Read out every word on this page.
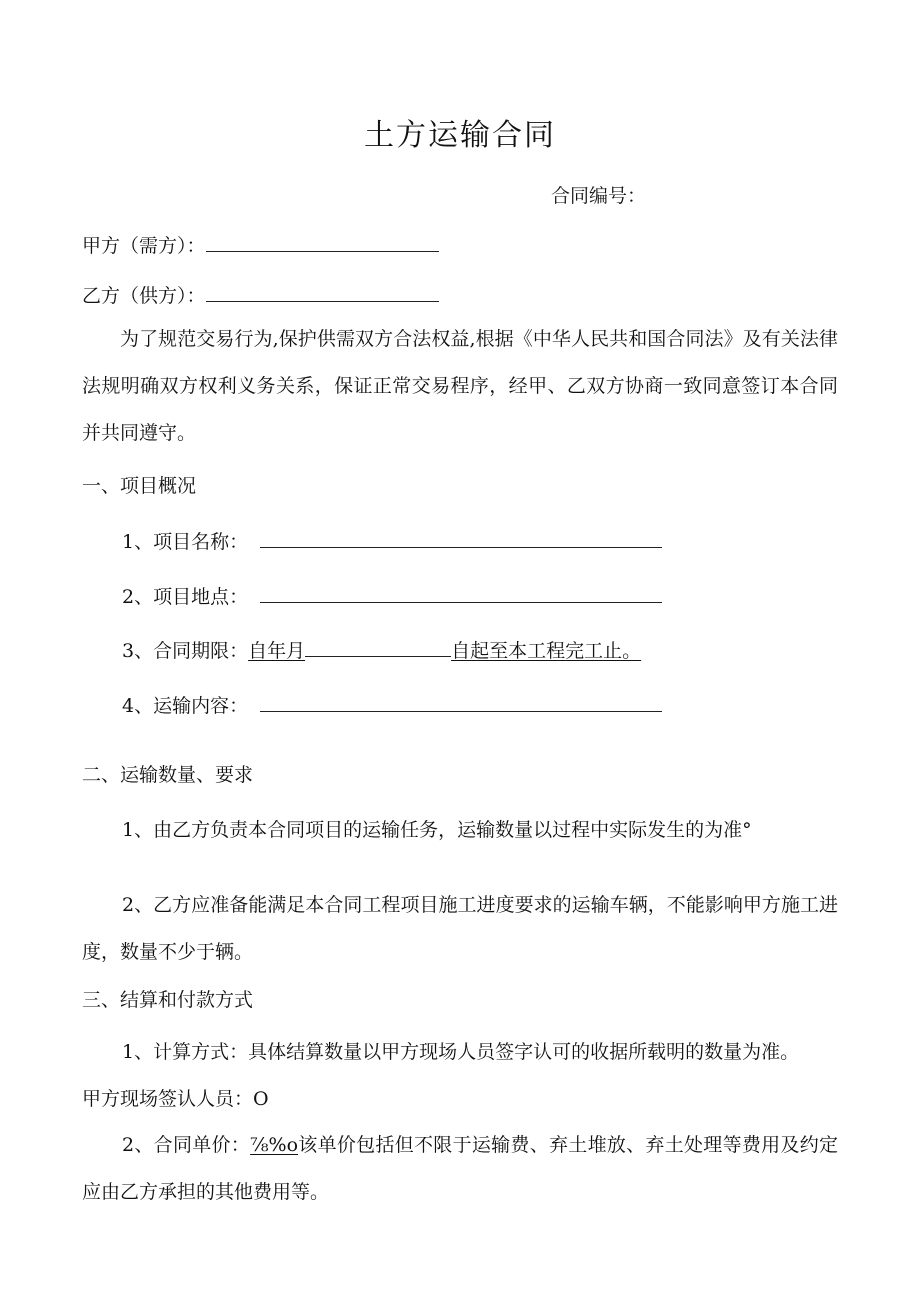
土方运输合同
合同编号：
甲方（需方）：
乙方（供方）：
为了规范交易行为,保护供需双方合法权益,根据《中华人民共和国合同法》及有关法律法规明确双方权利义务关系，保证正常交易程序，经甲、乙双方协商一致同意签订本合同并共同遵守。
一、项目概况
1、项目名称：
2、项目地点：
3、合同期限：自年月	自起至本工程完工止。
4、运输内容：
二、运输数量、要求
1、由乙方负责本合同项目的运输任务，运输数量以过程中实际发生的为准°
2、乙方应准备能满足本合同工程项目施工进度要求的运输车辆，不能影响甲方施工进度，数量不少于辆。
三、结算和付款方式
1、计算方式：具体结算数量以甲方现场人员签字认可的收据所载明的数量为准。
甲方现场签认人员：O
2、合同单价：⅞%o该单价包括但不限于运输费、弃土堆放、弃土处理等费用及约定应由乙方承担的其他费用等。
